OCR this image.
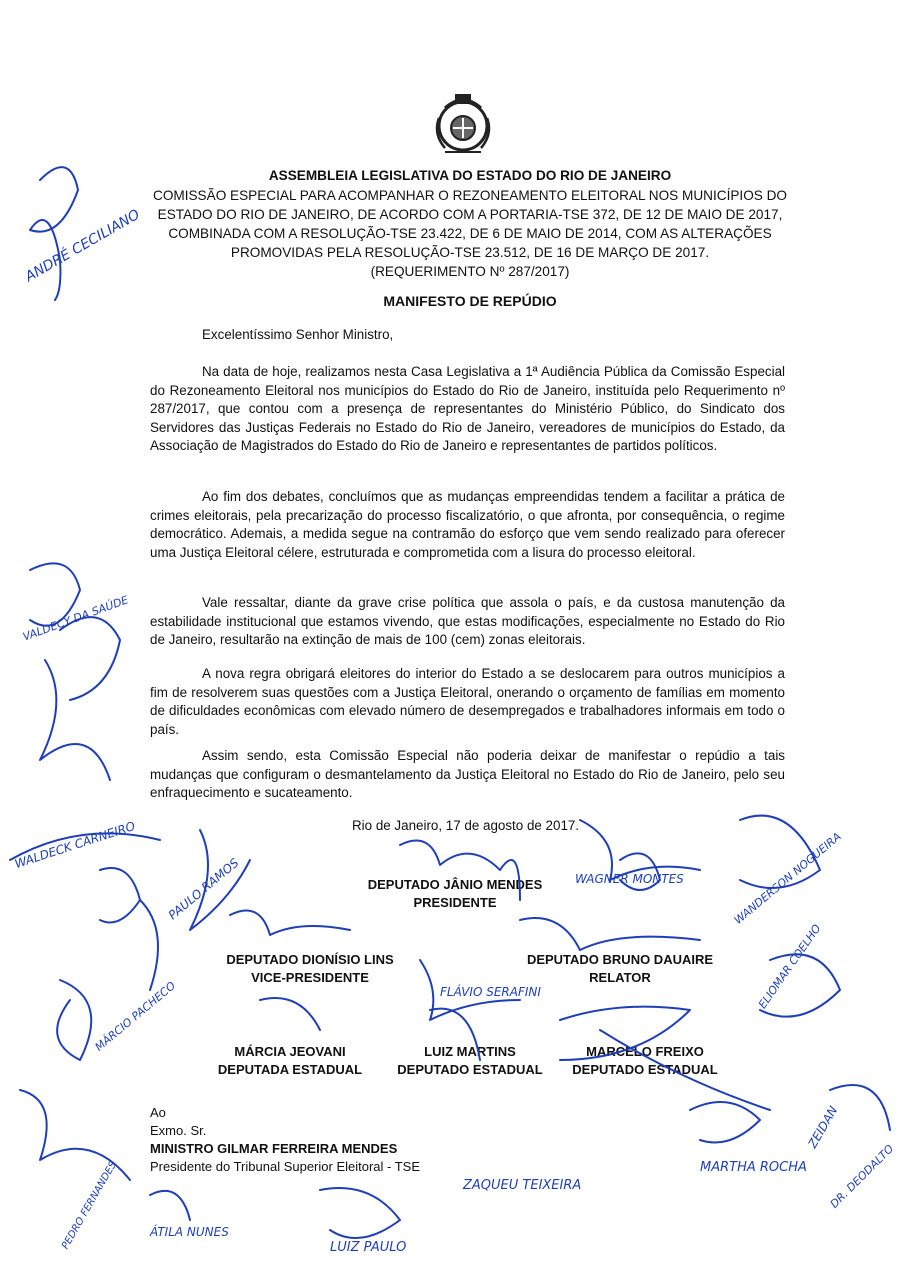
ASSEMBLEIA LEGISLATIVA DO ESTADO DO RIO DE JANEIRO
COMISSÃO ESPECIAL PARA ACOMPANHAR O REZONEAMENTO ELEITORAL NOS MUNICÍPIOS DO
ESTADO DO RIO DE JANEIRO, DE ACORDO COM A PORTARIA-TSE 372, DE 12 DE MAIO DE 2017,
COMBINADA COM A RESOLUÇÃO-TSE 23.422, DE 6 DE MAIO DE 2014, COM AS ALTERAÇÕES
PROMOVIDAS PELA RESOLUÇÃO-TSE 23.512, DE 16 DE MARÇO DE 2017.
(REQUERIMENTO Nº 287/2017)
MANIFESTO DE REPÚDIO
Excelentíssimo Senhor Ministro,
Na data de hoje, realizamos nesta Casa Legislativa a 1ª Audiência Pública da Comissão Especial do Rezoneamento Eleitoral nos municípios do Estado do Rio de Janeiro, instituída pelo Requerimento nº 287/2017, que contou com a presença de representantes do Ministério Público, do Sindicato dos Servidores das Justiças Federais no Estado do Rio de Janeiro, vereadores de municípios do Estado, da Associação de Magistrados do Estado do Rio de Janeiro e representantes de partidos políticos.
Ao fim dos debates, concluímos que as mudanças empreendidas tendem a facilitar a prática de crimes eleitorais, pela precarização do processo fiscalizatório, o que afronta, por consequência, o regime democrático. Ademais, a medida segue na contramão do esforço que vem sendo realizado para oferecer uma Justiça Eleitoral célere, estruturada e comprometida com a lisura do processo eleitoral.
Vale ressaltar, diante da grave crise política que assola o país, e da custosa manutenção da estabilidade institucional que estamos vivendo, que estas modificações, especialmente no Estado do Rio de Janeiro, resultarão na extinção de mais de 100 (cem) zonas eleitorais.
A nova regra obrigará eleitores do interior do Estado a se deslocarem para outros municípios a fim de resolverem suas questões com a Justiça Eleitoral, onerando o orçamento de famílias em momento de dificuldades econômicas com elevado número de desempregados e trabalhadores informais em todo o país.
Assim sendo, esta Comissão Especial não poderia deixar de manifestar o repúdio a tais mudanças que configuram o desmantelamento da Justiça Eleitoral no Estado do Rio de Janeiro, pelo seu enfraquecimento e sucateamento.
Rio de Janeiro, 17 de agosto de 2017.
DEPUTADO JÂNIO MENDES
PRESIDENTE
DEPUTADO DIONÍSIO LINS
VICE-PRESIDENTE
DEPUTADO BRUNO DAUAIRE
RELATOR
MÁRCIA JEOVANI
DEPUTADA ESTADUAL
LUIZ MARTINS
DEPUTADO ESTADUAL
MARCELO FREIXO
DEPUTADO ESTADUAL
Ao
Exmo. Sr.
MINISTRO GILMAR FERREIRA MENDES
Presidente do Tribunal Superior Eleitoral - TSE
ANDRÉ CECILIANO
WALDECK CARNEIRO
PAULO RAMOS	WAGNER MONTES	WANDERSON NOGUEIRA
FLÁVIO SERAFINI
ZAQUEU TEIXEIRA
LUIZ PAULO
ÁTILA NUNES
VALDECY DA SAÚDE
MÁRCIO PACHECO
PEDRO FERNANDES	MARTHA ROCHA
ELIOMAR COELHO
ZEIDAN
DR. DEODALTO
